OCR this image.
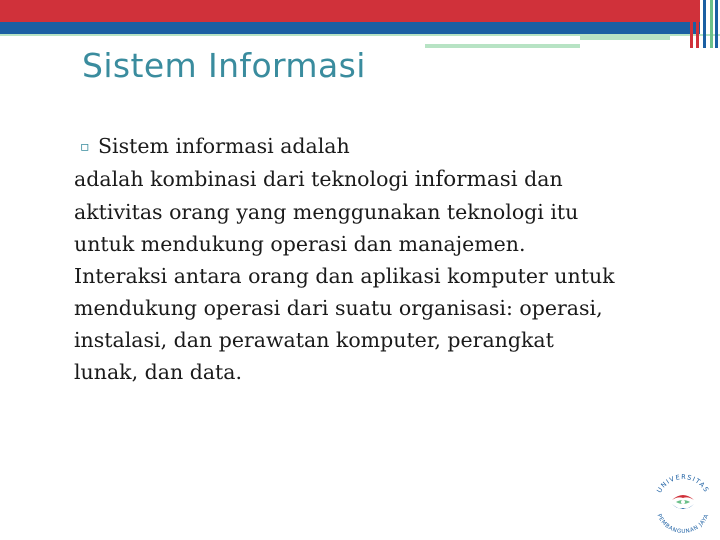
Sistem Informasi

▫ Sistem informasi adalah

adalah kombinasi dari teknologi informasi dan

aktivitas orang yang menggunakan teknologi itu

untuk mendukung operasi dan manajemen.

Interaksi antara orang dan aplikasi komputer untuk

mendukung operasi dari suatu organisasi: operasi,

instalasi, dan perawatan komputer, perangkat

lunak, dan data.

UNIVERSITAS
PEMBANGUNAN JAYA
